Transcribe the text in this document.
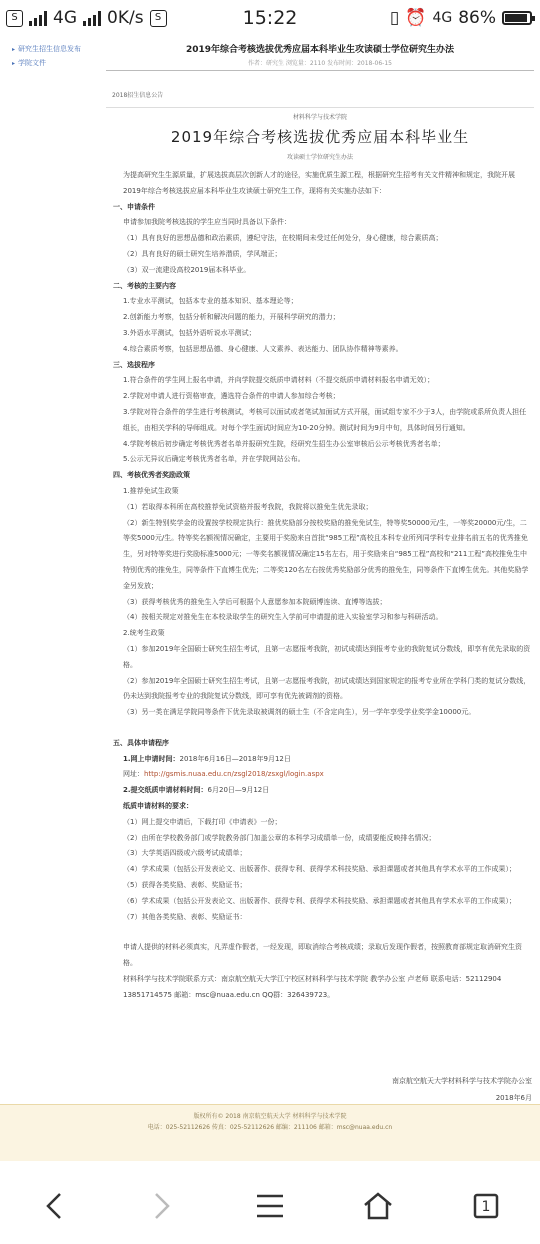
S	4G 0K/s	S	15:22	▯ ⏰ 4G 86%
▸ 研究生招生信息发布
▸ 学院文件
2019年综合考核选拔优秀应届本科毕业生攻读硕士学位研究生办法
作者：研究生 浏览量：2110 发布时间：2018-06-15
2018招生信息公告
材料科学与技术学院
2019年综合考核选拔优秀应届本科毕业生
攻读硕士学位研究生办法

为提高研究生生源质量，扩展选拔高层次创新人才的途径，实施优质生源工程，根据研究生招考有关文件精神和规定，我院开展2019年综合考核选拔应届本科毕业生攻读硕士研究生工作，现将有关实施办法如下：

一、申请条件

申请参加我院考核选拔的学生应当同时具备以下条件：

（1）具有良好的思想品德和政治素质，遵纪守法，在校期间未受过任何处分，身心健康，综合素质高；

（2）具有良好的硕士研究生培养潜质，学风端正；

（3）双一流建设高校2019届本科毕业。

二、考核的主要内容

1.专业水平测试，包括本专业的基本知识、基本理论等；

2.创新能力考察，包括分析和解决问题的能力，开展科学研究的潜力；

3.外语水平测试，包括外语听说水平测试；

4.综合素质考察，包括思想品德、身心健康、人文素养、表达能力、团队协作精神等素养。

三、选拔程序

1.符合条件的学生网上报名申请，并向学院提交纸质申请材料（不提交纸质申请材料报名申请无效）；

2.学院对申请人进行资格审查，遴选符合条件的申请人参加综合考核；

3.学院对符合条件的学生进行考核测试，考核可以面试或者笔试加面试方式开展，面试组专家不少于3人，由学院或系所负责人担任组长，由相关学科的导师组成。对每个学生面试时间应为10-20分钟。测试时间为9月中旬，具体时间另行通知。

4.学院考核后初步确定考核优秀者名单并报研究生院，经研究生招生办公室审核后公示考核优秀者名单；

5.公示无异议后确定考核优秀者名单，并在学院网站公布。

四、考核优秀者奖励政策

1.推荐免试生政策

（1）若取得本科所在高校推荐免试资格并报考我院，我院将以推免生优先录取；

（2）新生特别奖学金的设置按学校规定执行：推优奖励部分按校奖励的推免免试生，特等奖50000元/生，一等奖20000元/生，二等奖5000元/生。特等奖名额视情况确定，主要用于奖励来自首批“985工程”高校且本科专业所列同学科专业排名前五名的优秀推免生，另对特等奖进行奖励标准5000元；一等奖名额视情况确定15名左右，用于奖励来自“985工程”高校和“211工程”高校推免生中特别优秀的推免生，同等条件下直博生优先；二等奖120名左右按优秀奖励部分优秀的推免生，同等条件下直博生优先。其他奖励学金另发放；

（3）获得考核优秀的推免生入学后可根据个人意愿参加本院硕博连读、直博等选拔；

（4）按相关规定对推免生在本校录取学生的研究生入学前可申请提前进入实验室学习和参与科研活动。

2.统考生政策

（1）参加2019年全国硕士研究生招生考试，且第一志愿报考我院，初试成绩达到报考专业的我院复试分数线，即享有优先录取的资格。

（2）参加2019年全国硕士研究生招生考试，且第一志愿报考我院，初试成绩达到国家规定的报考专业所在学科门类的复试分数线，仍未达到我院报考专业的我院复试分数线，即可享有优先被调剂的资格。

（3）另一类在满足学院同等条件下优先录取被调剂的硕士生（不含定向生），另一学年享受学业奖学金10000元。

五、具体申请程序

1.网上申请时间：2018年6月16日—2018年9月12日

网址：http://gsmis.nuaa.edu.cn/zsgl2018/zsxgl/login.aspx

2.提交纸质申请材料时间：6月20日—9月12日

纸质申请材料的要求：

（1）网上提交申请后，下载打印《申请表》一份；

（2）由所在学校教务部门或学院教务部门加盖公章的本科学习成绩单一份，成绩要能反映排名情况；

（3）大学英语四级或六级考试成绩单；

（4）学术成果（包括公开发表论文、出版著作、获得专利、获得学术科技奖励、承担课题或者其他具有学术水平的工作成果）；

（5）获得各类奖励、表彰、奖励证书；

（6）学术成果（包括公开发表论文、出版著作、获得专利、获得学术科技奖励、承担课题或者其他具有学术水平的工作成果）；

（7）其他各类奖励、表彰、奖励证书：

申请人提供的材料必须真实，凡弄虚作假者，一经发现，即取消综合考核成绩；录取后发现作假者，按照教育部规定取消研究生资格。

材料科学与技术学院联系方式：南京航空航天大学江宁校区材料科学与技术学院 教学办公室 卢老师 联系电话：52112904 13851714575 邮箱：msc@nuaa.edu.cn QQ群：326439723。

南京航空航天大学材料科学与技术学院办公室
2018年6月
版权所有© 2018 南京航空航天大学 材料科学与技术学院
电话：025-52112626 传真：025-52112626 邮编：211106 邮箱：msc@nuaa.edu.cn
1
